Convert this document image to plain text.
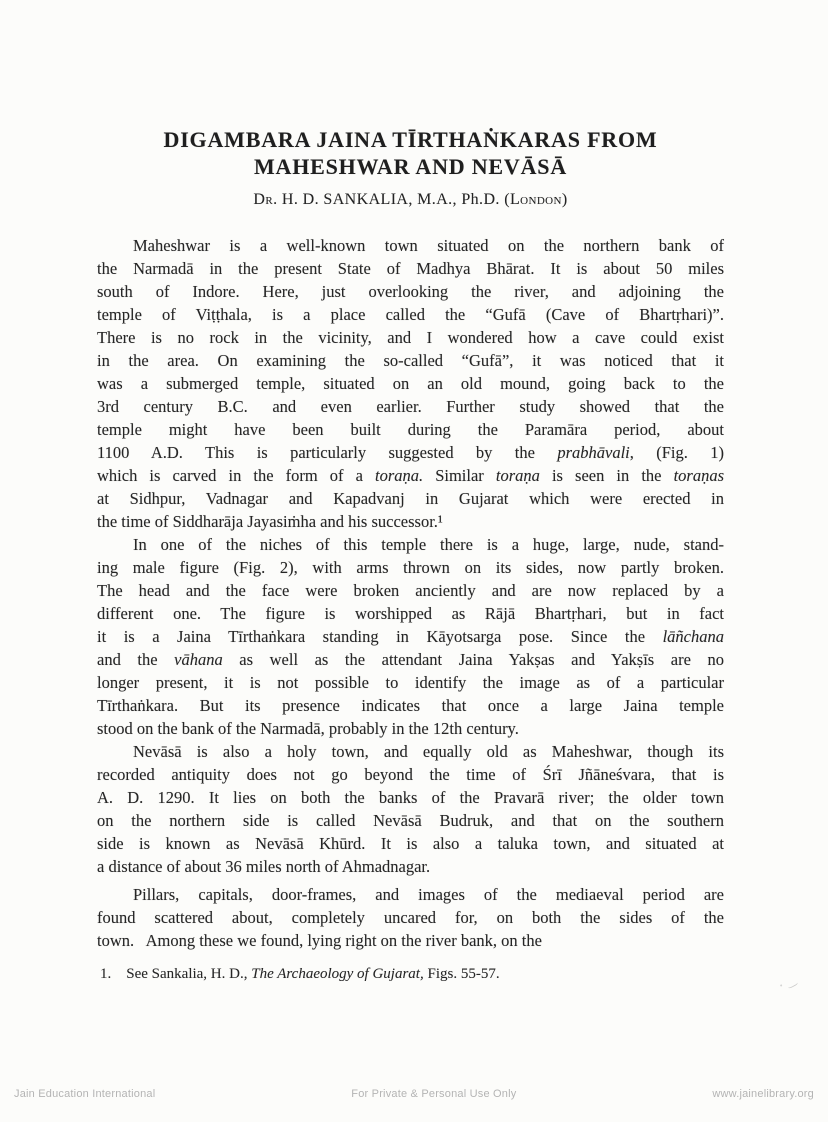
DIGAMBARA JAINA TĪRTHAṄKARAS FROM
MAHESHWAR AND NEVĀSĀ
Dr. H. D. SANKALIA, M.A., Ph.D. (London)
Maheshwar is a well-known town situated on the northern bank of
the Narmadā in the present State of Madhya Bhārat. It is about 50 miles
south of Indore. Here, just overlooking the river, and adjoining the
temple of Viṭṭhala, is a place called the “Gufā (Cave of Bhartṛhari)”.
There is no rock in the vicinity, and I wondered how a cave could exist
in the area. On examining the so-called “Gufā”, it was noticed that it
was a submerged temple, situated on an old mound, going back to the
3rd century B.C. and even earlier. Further study showed that the
temple might have been built during the Paramāra period, about
1100 A.D. This is particularly suggested by the prabhāvali, (Fig. 1)
which is carved in the form of a toraṇa. Similar toraṇa is seen in the toraṇas
at Sidhpur, Vadnagar and Kapadvanj in Gujarat which were erected in
the time of Siddharāja Jayasiṁha and his successor.¹
In one of the niches of this temple there is a huge, large, nude, stand-
ing male figure (Fig. 2), with arms thrown on its sides, now partly broken.
The head and the face were broken anciently and are now replaced by a
different one. The figure is worshipped as Rājā Bhartṛhari, but in fact
it is a Jaina Tīrthaṅkara standing in Kāyotsarga pose. Since the lāñchana
and the vāhana as well as the attendant Jaina Yakṣas and Yakṣīs are no
longer present, it is not possible to identify the image as of a particular
Tīrthaṅkara. But its presence indicates that once a large Jaina temple
stood on the bank of the Narmadā, probably in the 12th century.
Nevāsā is also a holy town, and equally old as Maheshwar, though its
recorded antiquity does not go beyond the time of Śrī Jñāneśvara, that is
A. D. 1290. It lies on both the banks of the Pravarā river; the older town
on the northern side is called Nevāsā Budruk, and that on the southern
side is known as Nevāsā Khūrd. It is also a taluka town, and situated at
a distance of about 36 miles north of Ahmadnagar.
Pillars, capitals, door-frames, and images of the mediaeval period are
found scattered about, completely uncared for, on both the sides of the
town.  Among these we found, lying right on the river bank, on the
1.  See Sankalia, H. D., The Archaeology of Gujarat, Figs. 55-57.
Jain Education International	For Private & Personal Use Only	www.jainelibrary.org
